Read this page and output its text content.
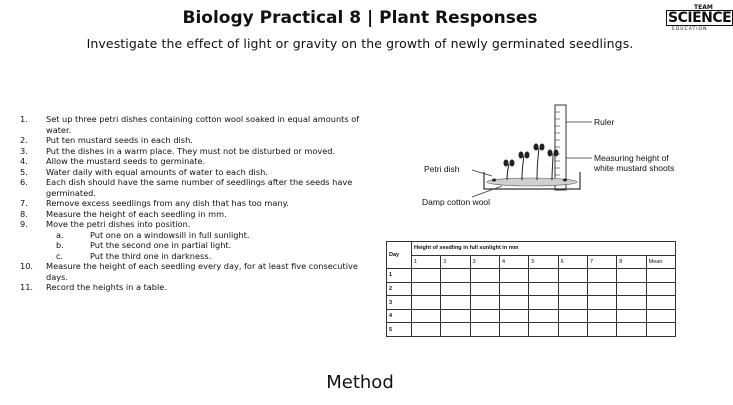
Biology Practical 8 | Plant Responses
Investigate the effect of light or gravity on the growth of newly germinated seedlings.
TEAM
SCIENCE
EDUCATION
1.	Set up three petri dishes containing cotton wool soaked in equal amounts of water.
2.	Put ten mustard seeds in each dish.
3.	Put the dishes in a warm place. They must not be disturbed or moved.
4.	Allow the mustard seeds to germinate.
5.	Water daily with equal amounts of water to each dish.
6.	Each dish should have the same number of seedlings after the seeds have germinated.
7.	Remove excess seedlings from any dish that has too many.
8.	Measure the height of each seedling in mm.
9.	Move the petri dishes into position.
a.	Put one on a windowsill in full sunlight.
b.	Put the second one in partial light.
c.	Put the third one in darkness.
10.	Measure the height of each seedling every day, for at least five consecutive days.
11.	Record the heights in a table.
Ruler
Measuring height of
white mustard shoots
Petri dish
Damp cotton wool
Day	Height of seedling in full sunlight in mm								
	1	2	3	4	5	6	7	8	Mean
1									
2									
3									
4									
5									
Method
